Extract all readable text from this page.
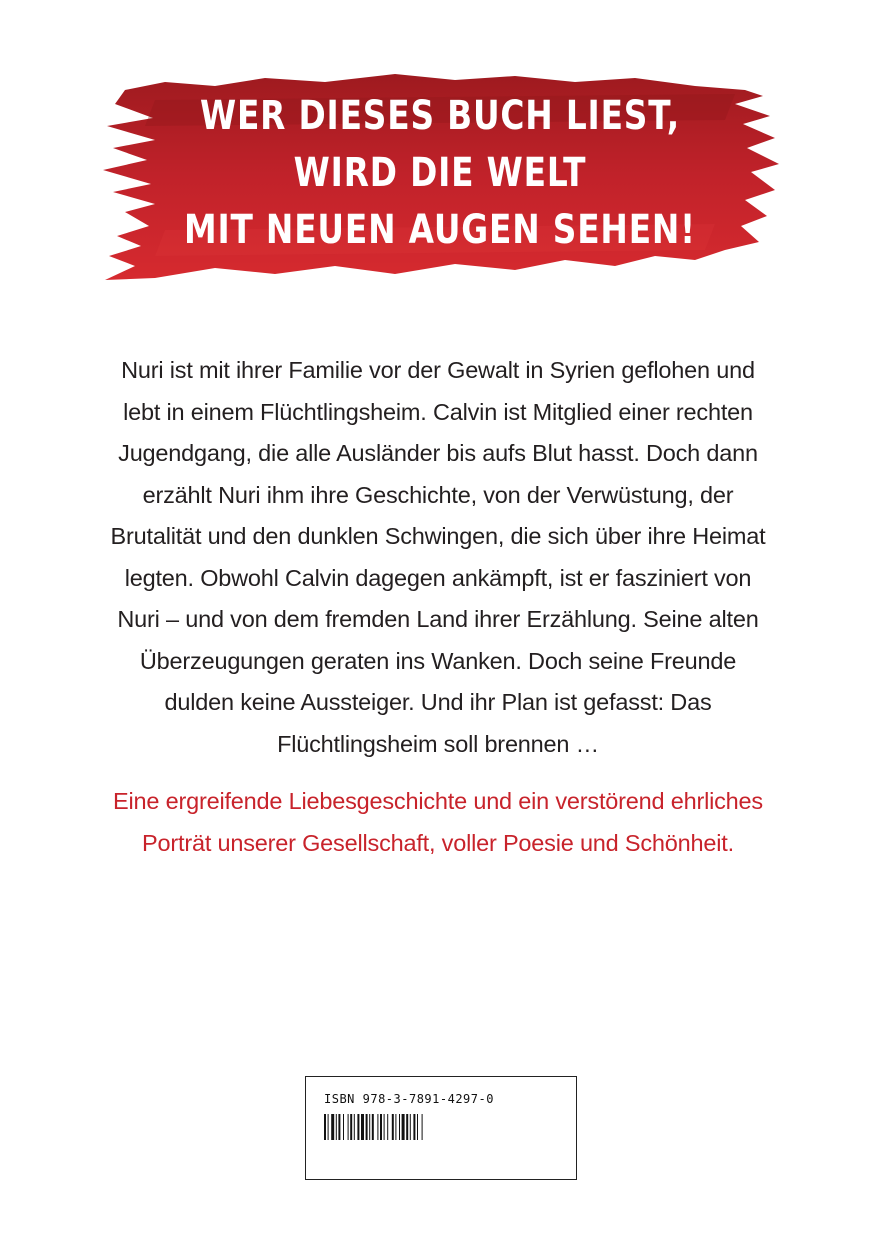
WER DIESES BUCH LIEST,
WIRD DIE WELT
MIT NEUEN AUGEN SEHEN!
Nuri ist mit ihrer Familie vor der Gewalt in Syrien geflohen und
lebt in einem Flüchtlingsheim. Calvin ist Mitglied einer rechten
Jugendgang, die alle Ausländer bis aufs Blut hasst. Doch dann
erzählt Nuri ihm ihre Geschichte, von der Verwüstung, der
Brutalität und den dunklen Schwingen, die sich über ihre Heimat
legten. Obwohl Calvin dagegen ankämpft, ist er fasziniert von
Nuri – und von dem fremden Land ihrer Erzählung. Seine alten
Überzeugungen geraten ins Wanken. Doch seine Freunde
dulden keine Aussteiger. Und ihr Plan ist gefasst: Das
Flüchtlingsheim soll brennen …
Eine ergreifende Liebesgeschichte und ein verstörend ehrliches
Porträt unserer Gesellschaft, voller Poesie und Schönheit.
ISBN 978-3-7891-4297-0
